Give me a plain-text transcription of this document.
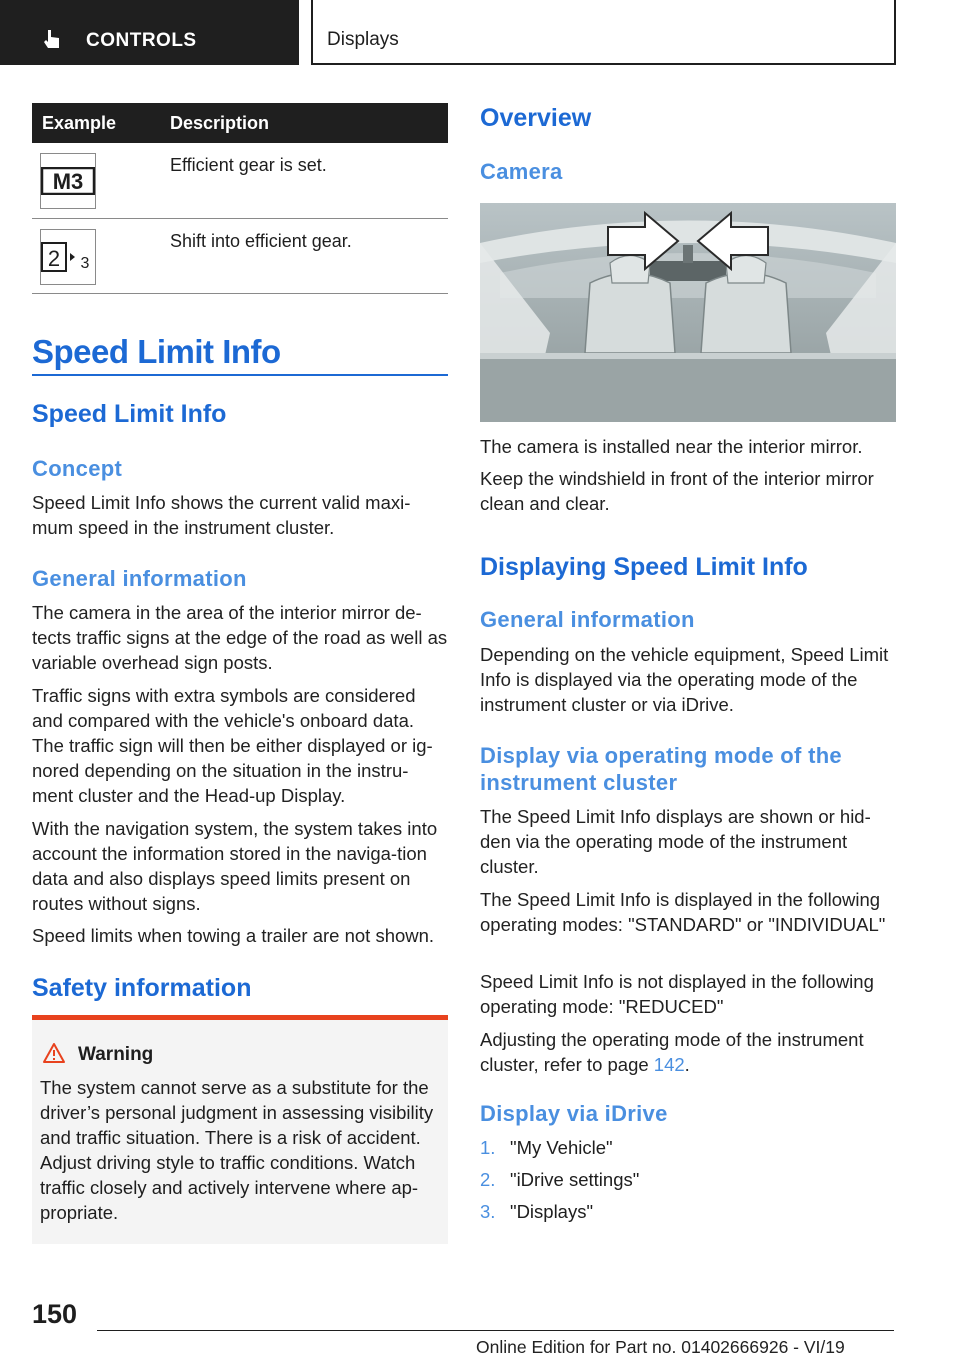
CONTROLS	Displays
Example	Description

M3	Efficient gear is set.

2 3	Shift into efficient gear.
Speed Limit Info
Speed Limit Info
Concept
Speed Limit Info shows the current valid maxi-mum speed in the instrument cluster.
General information
The camera in the area of the interior mirror de-tects traffic signs at the edge of the road as well as variable overhead sign posts.
Traffic signs with extra symbols are considered and compared with the vehicle's onboard data. The traffic sign will then be either displayed or ig-nored depending on the situation in the instru-ment cluster and the Head-up Display.
With the navigation system, the system takes into account the information stored in the naviga-tion data and also displays speed limits present on routes without signs.
Speed limits when towing a trailer are not shown.
Safety information
Warning
The system cannot serve as a substitute for the driver’s personal judgment in assessing visibility and traffic situation. There is a risk of accident. Adjust driving style to traffic conditions. Watch traffic closely and actively intervene where ap-propriate.
Overview
Camera
The camera is installed near the interior mirror.
Keep the windshield in front of the interior mirror clean and clear.
Displaying Speed Limit Info
General information
Depending on the vehicle equipment, Speed Limit Info is displayed via the operating mode of the instrument cluster or via iDrive.
Display via operating mode of the instrument cluster
The Speed Limit Info displays are shown or hid-den via the operating mode of the instrument cluster.
The Speed Limit Info is displayed in the following operating modes: "STANDARD" or "INDIVIDUAL"
Speed Limit Info is not displayed in the following operating mode: "REDUCED"
Adjusting the operating mode of the instrument cluster, refer to page 142.
Display via iDrive
1. "My Vehicle"
2. "iDrive settings"
3. "Displays"
150
Online Edition for Part no. 01402666926 - VI/19
